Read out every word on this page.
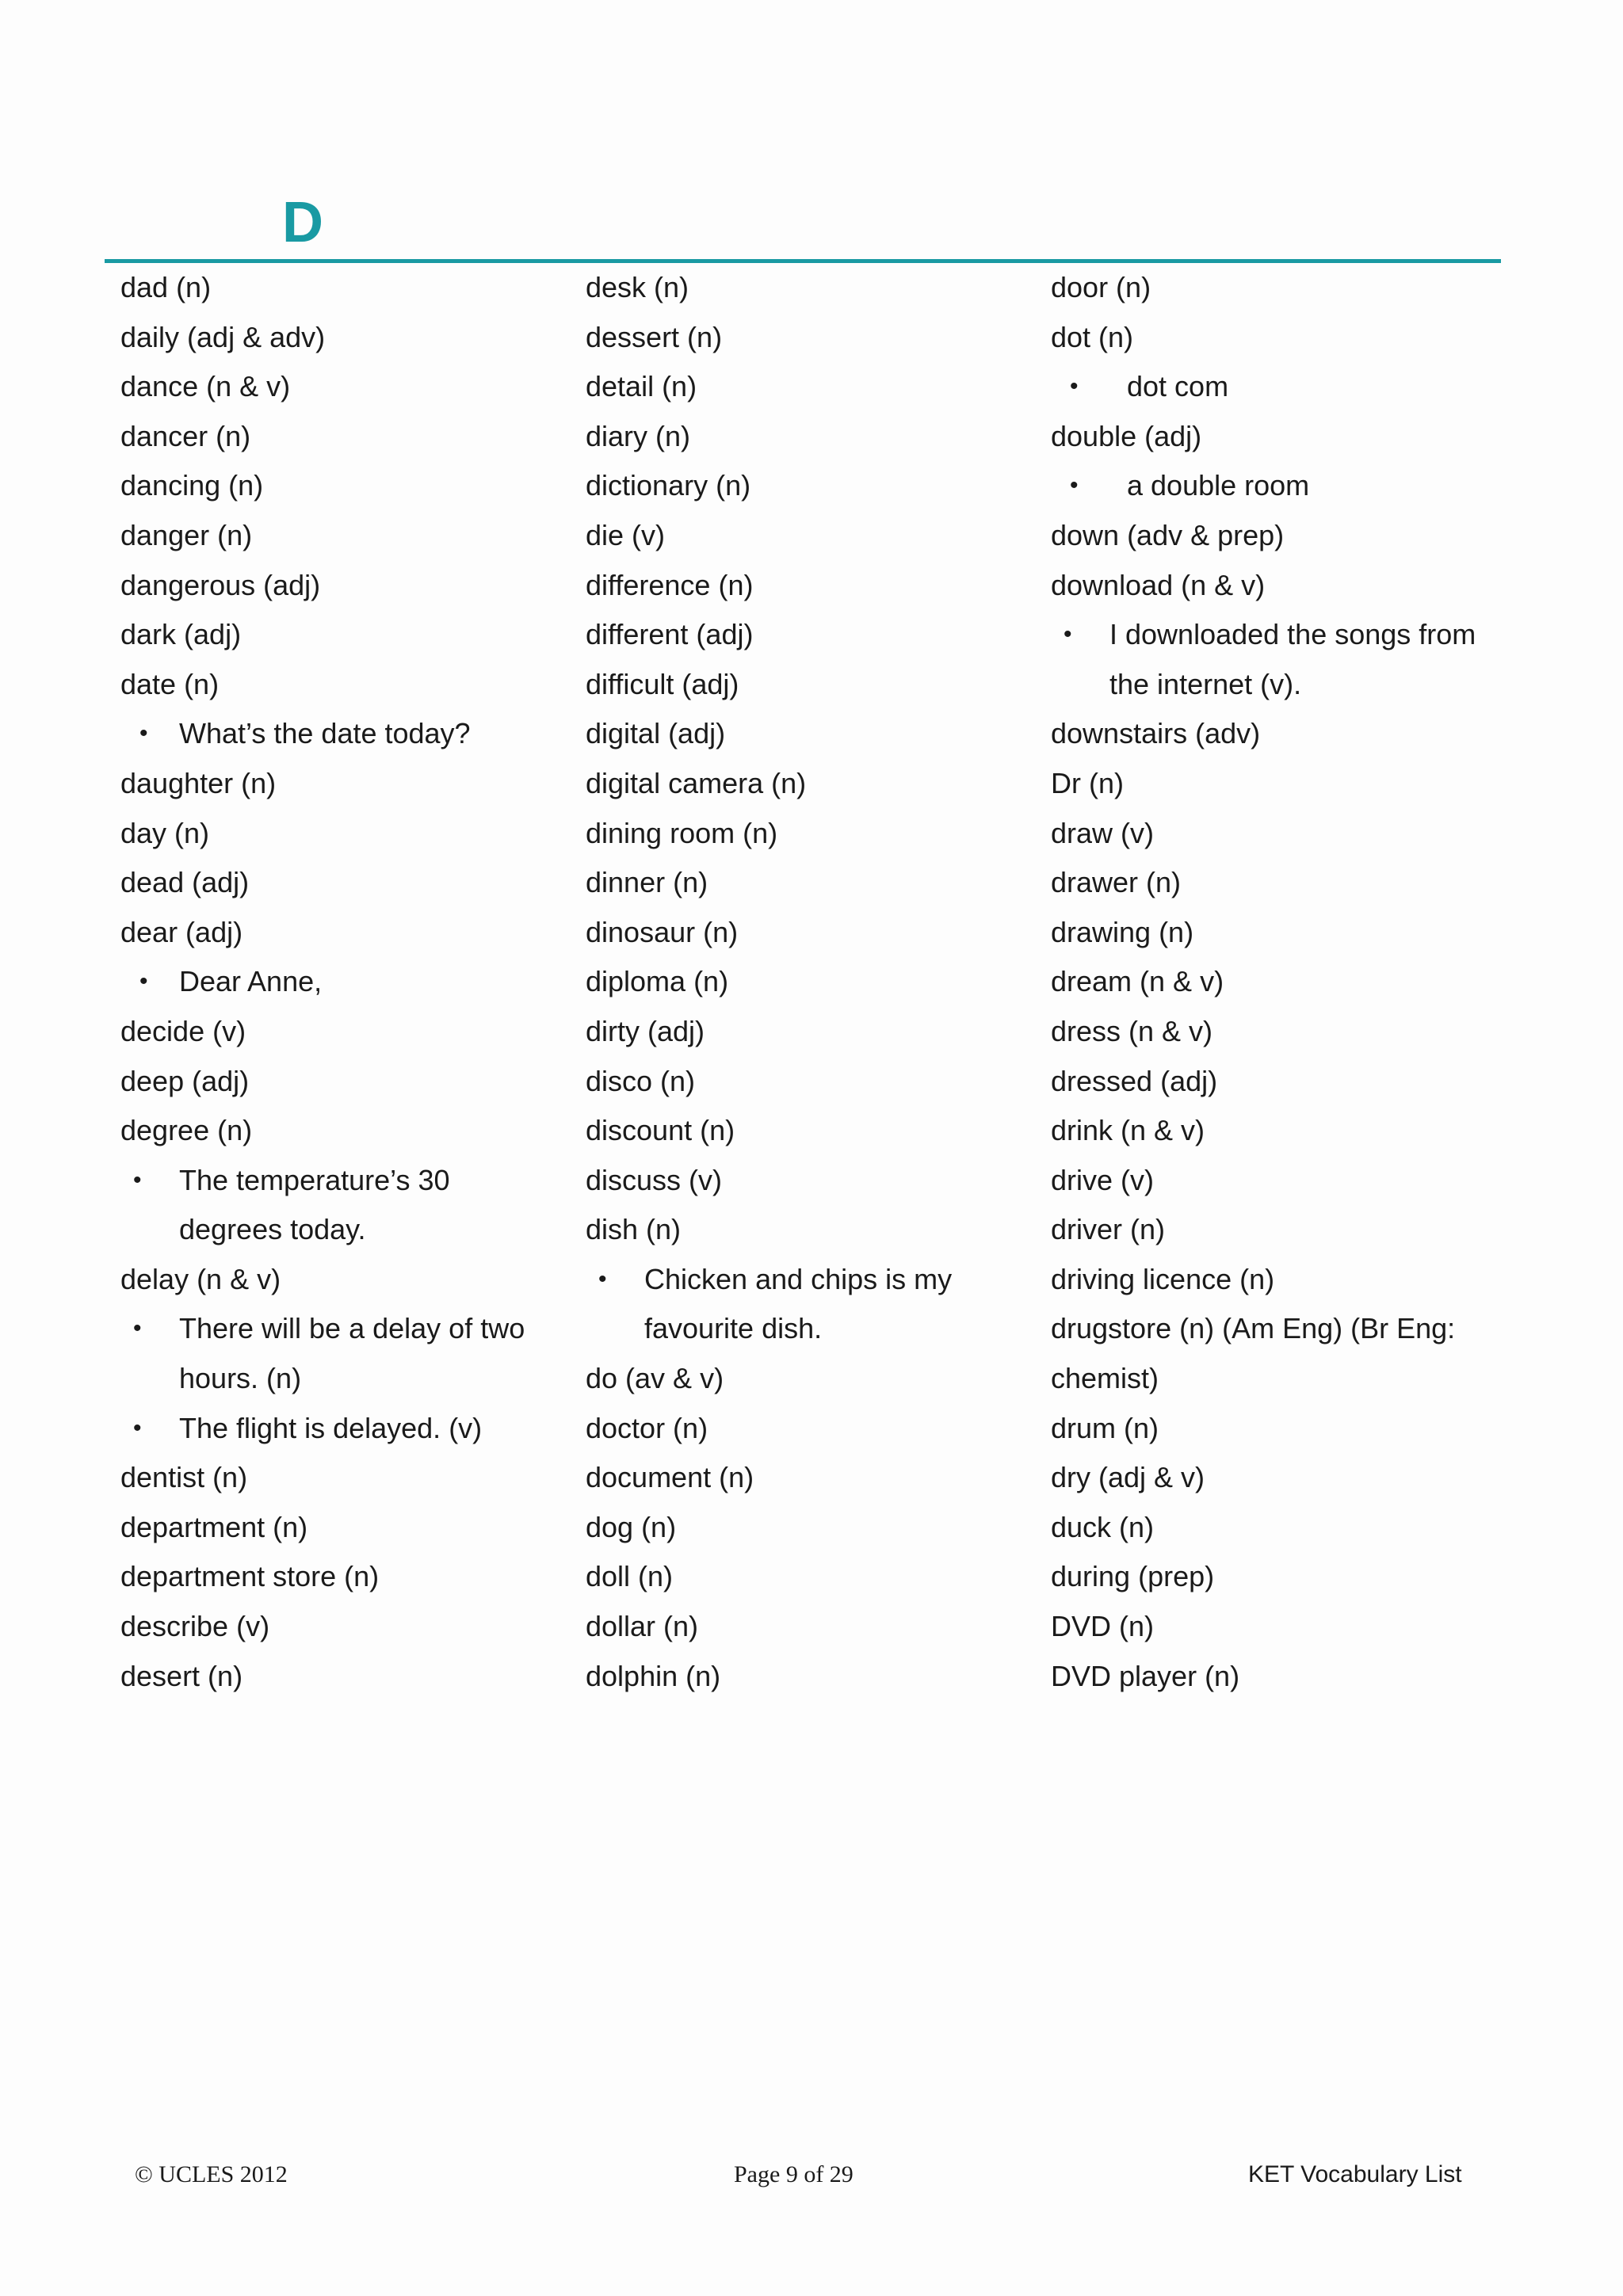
D
dad (n)
daily (adj & adv)
dance (n & v)
dancer (n)
dancing (n)
danger (n)
dangerous (adj)
dark (adj)
date (n)
•	What’s the date today?
daughter (n)
day (n)
dead (adj)
dear (adj)
•	Dear Anne,
decide (v)
deep (adj)
degree (n)
•	The temperature’s 30
degrees today.
delay (n & v)
•	There will be a delay of two
hours. (n)
•	The flight is delayed. (v)
dentist (n)
department (n)
department store (n)
describe (v)
desert (n)
desk (n)
dessert (n)
detail (n)
diary (n)
dictionary (n)
die (v)
difference (n)
different (adj)
difficult (adj)
digital (adj)
digital camera (n)
dining room (n)
dinner (n)
dinosaur (n)
diploma (n)
dirty (adj)
disco (n)
discount (n)
discuss (v)
dish (n)
•	Chicken and chips is my
favourite dish.
do (av & v)
doctor (n)
document (n)
dog (n)
doll (n)
dollar (n)
dolphin (n)
door (n)
dot (n)
•	dot com
double (adj)
•	a double room
down (adv & prep)
download (n & v)
•	I downloaded the songs from
the internet (v).
downstairs (adv)
Dr (n)
draw (v)
drawer (n)
drawing (n)
dream (n & v)
dress (n & v)
dressed (adj)
drink (n & v)
drive (v)
driver (n)
driving licence (n)
drugstore (n) (Am Eng) (Br Eng:
chemist)
drum (n)
dry (adj & v)
duck (n)
during (prep)
DVD (n)
DVD player (n)
© UCLES 2012	Page 9 of 29	KET Vocabulary List
